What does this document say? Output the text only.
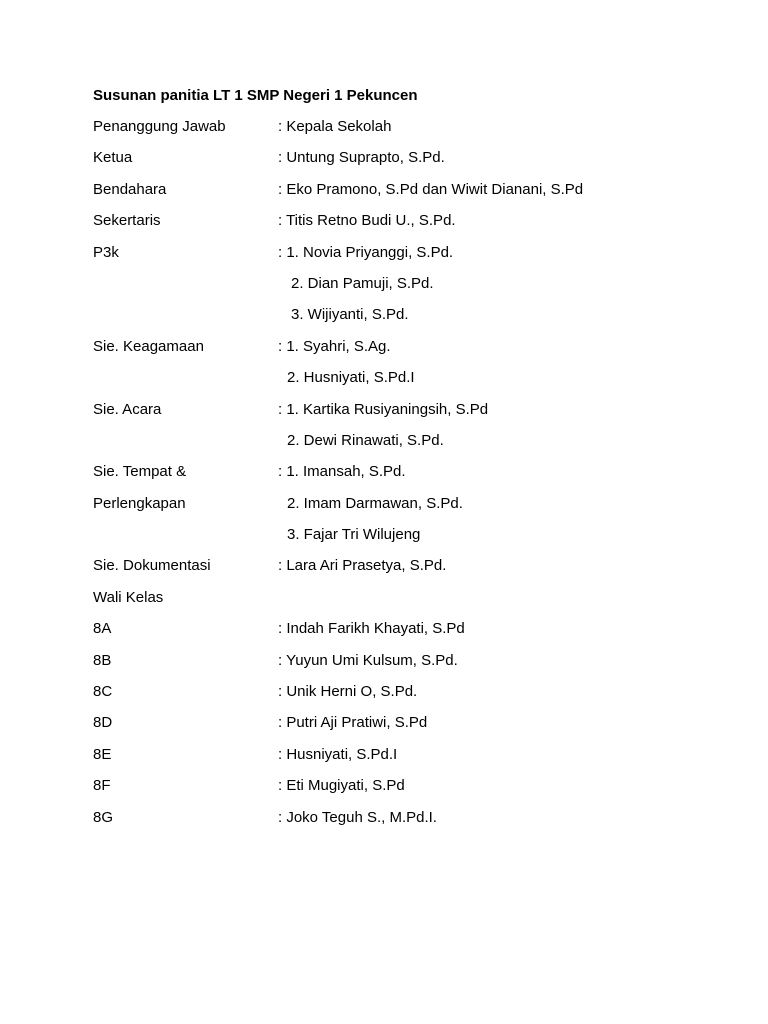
Susunan panitia LT 1 SMP Negeri 1 Pekuncen
Penanggung Jawab	: Kepala Sekolah
Ketua	: Untung Suprapto, S.Pd.
Bendahara	: Eko Pramono, S.Pd dan Wiwit Dianani, S.Pd
Sekertaris	: Titis Retno Budi U., S.Pd.
P3k	: 1. Novia Priyanggi, S.Pd.
2. Dian Pamuji, S.Pd.
3. Wijiyanti, S.Pd.
Sie. Keagamaan	: 1. Syahri, S.Ag.
2. Husniyati, S.Pd.I
Sie. Acara	: 1. Kartika Rusiyaningsih, S.Pd
2. Dewi Rinawati, S.Pd.
Sie. Tempat &	: 1. Imansah, S.Pd.
Perlengkapan	2. Imam Darmawan, S.Pd.
3. Fajar Tri Wilujeng
Sie. Dokumentasi	: Lara Ari Prasetya, S.Pd.
Wali Kelas
8A	: Indah Farikh Khayati, S.Pd
8B	: Yuyun Umi Kulsum, S.Pd.
8C	: Unik Herni O, S.Pd.
8D	: Putri Aji Pratiwi, S.Pd
8E	: Husniyati, S.Pd.I
8F	: Eti Mugiyati, S.Pd
8G	: Joko Teguh S., M.Pd.I.
